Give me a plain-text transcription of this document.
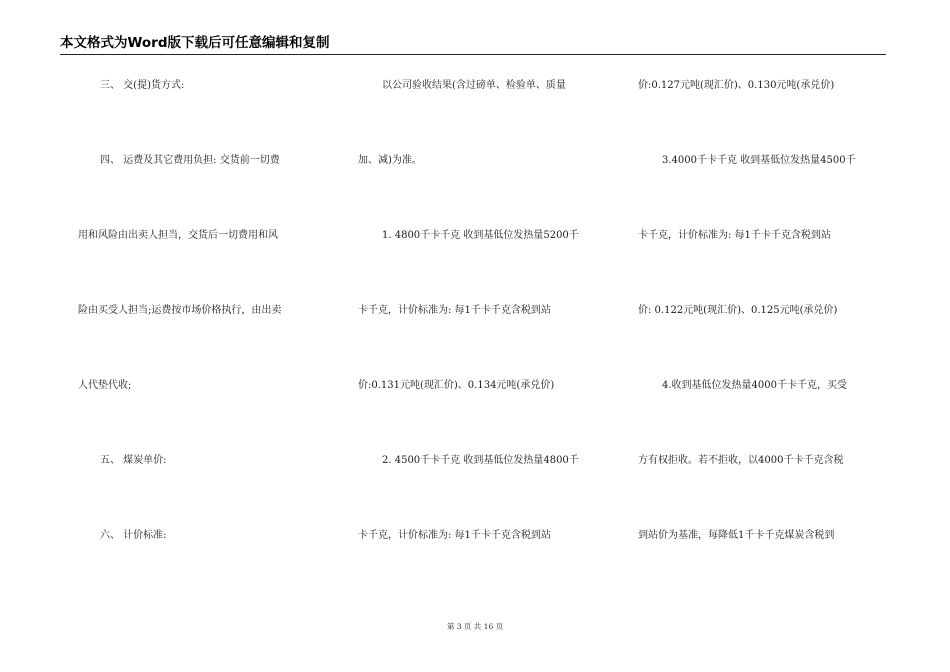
本文格式为Word版下载后可任意编辑和复制
三、 交(提)货方式:
四、 运费及其它费用负担: 交货前一切费
用和风险由出卖人担当，交货后一切费用和风
险由买受人担当;运费按市场价格执行，由出卖
人代垫代收;
五、 煤炭单价:
六、 计价标准:
以公司验收结果(含过磅单、检验单、质量
加、减)为准。
1. 4800千卡千克 收到基低位发热量5200千
卡千克，计价标准为: 每1千卡千克含税到站
价:0.131元吨(现汇价)、0.134元吨(承兑价)
2. 4500千卡千克 收到基低位发热量4800千
卡千克，计价标准为: 每1千卡千克含税到站
价:0.127元吨(现汇价)、0.130元吨(承兑价)
3.4000千卡千克 收到基低位发热量4500千
卡千克，计价标准为: 每1千卡千克含税到站
价: 0.122元吨(现汇价)、0.125元吨(承兑价)
4.收到基低位发热量4000千卡千克，买受
方有权拒收。若不拒收，以4000千卡千克含税
到站价为基准，每降低1千卡千克煤炭含税到
第 3 页 共 16 页
